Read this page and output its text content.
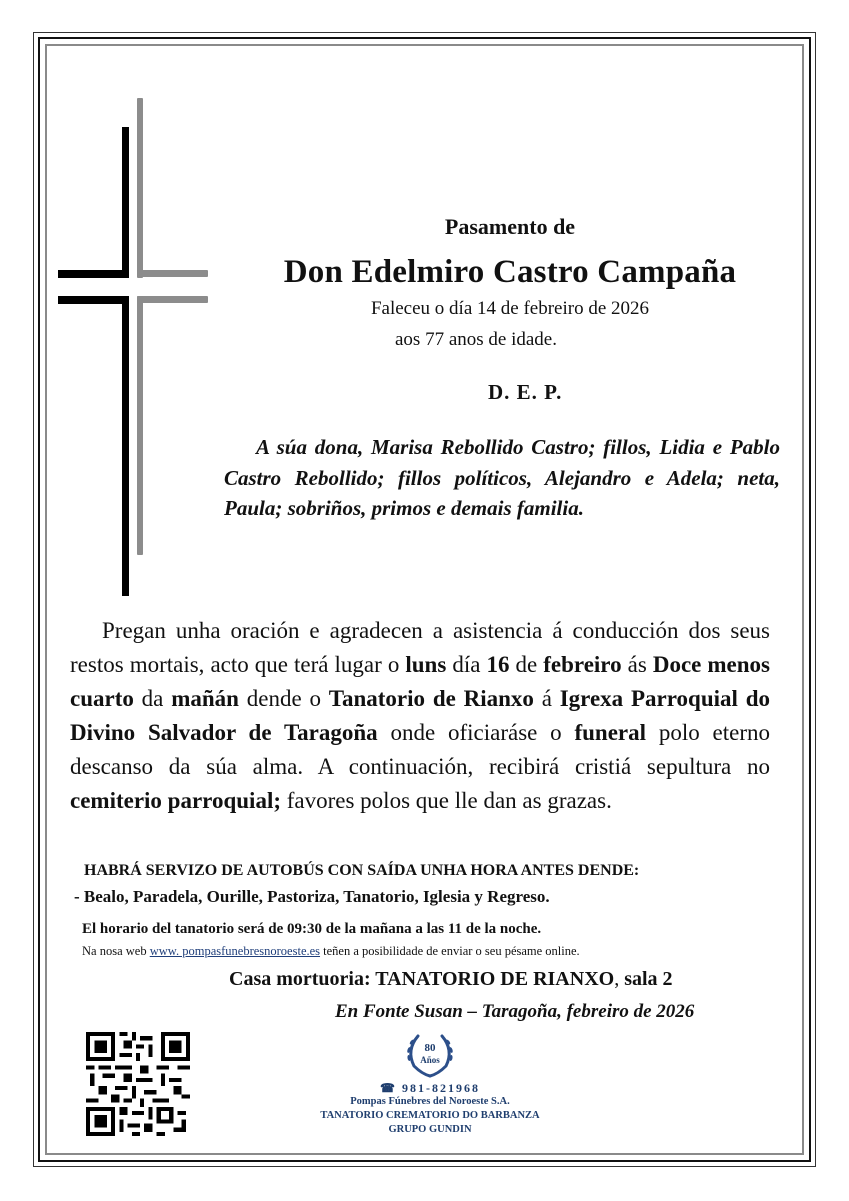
Pasamento de
Don Edelmiro Castro Campaña
Faleceu o día 14 de febreiro de 2026
aos 77 anos de idade.
D. E. P.
A súa dona, Marisa Rebollido Castro; fillos, Lidia e Pablo Castro Rebollido; fillos políticos, Alejandro e Adela; neta, Paula; sobriños, primos e demais familia.
Pregan unha oración e agradecen a asistencia á conducción dos seus restos mortais, acto que terá lugar o luns día 16 de febreiro ás Doce menos cuarto da mañán dende o Tanatorio de Rianxo á Igrexa Parroquial do Divino Salvador de Taragoña onde oficiaráse o funeral polo eterno descanso da súa alma. A continuación, recibirá cristiá sepultura no cemiterio parroquial; favores polos que lle dan as grazas.
HABRÁ SERVIZO DE AUTOBÚS CON SAÍDA UNHA HORA ANTES DENDE:
- Bealo, Paradela, Ourille, Pastoriza, Tanatorio, Iglesia y Regreso.
El horario del tanatorio será de 09:30 de la mañana a las 11 de la noche.
Na nosa web www. pompasfunebresnoroeste.es teñen a posibilidade de enviar o seu pésame online.
Casa mortuoria: TANATORIO DE RIANXO, sala 2
En Fonte Susan – Taragoña, febreiro de 2026
80
Años
☎ 981-821968
Pompas Fúnebres del Noroeste S.A.
TANATORIO CREMATORIO DO BARBANZA
GRUPO GUNDIN
